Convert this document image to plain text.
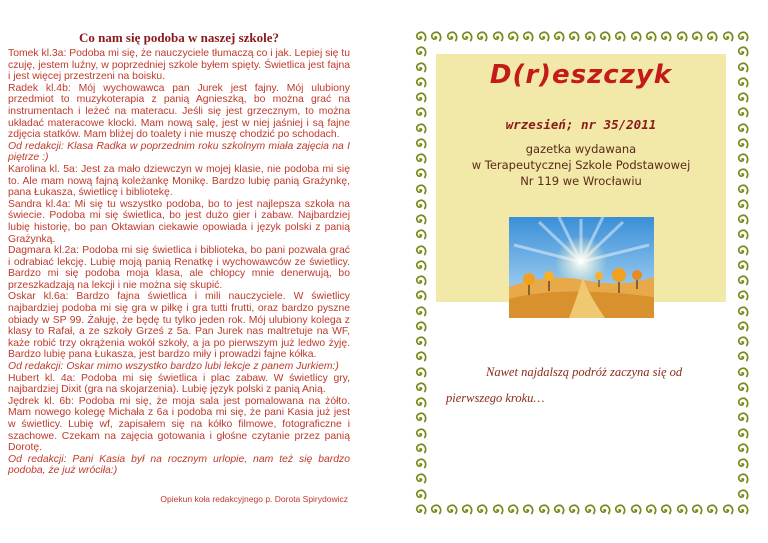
Co nam się podoba w naszej szkole?

Tomek kl.3a: Podoba mi się, że nauczyciele tłumaczą co i jak. Lepiej się tu czuję, jestem luźny, w poprzedniej szkole byłem spięty. Świetlica jest fajna i jest więcej przestrzeni na boisku.

Radek kl.4b: Mój wychowawca pan Jurek jest fajny. Mój ulubiony przedmiot to muzykoterapia z panią Agnieszką, bo można grać na instrumentach i leżeć na materacu. Jeśli się jest grzecznym, to można układać materacowe klocki. Mam nową salę, jest w niej jaśniej i są fajne zdjęcia statków. Mam bliżej do toalety i nie muszę chodzić po schodach.

Od redakcji: Klasa Radka w poprzednim roku szkolnym miała zajęcia na I piętrze :)

Karolina kl. 5a: Jest za mało dziewczyn w mojej klasie, nie podoba mi się to. Ale mam nową fajną koleżankę Monikę. Bardzo lubię panią Grażynkę, pana Łukasza, świetlicę i bibliotekę.

Sandra kl.4a: Mi się tu wszystko podoba, bo to jest najlepsza szkoła na świecie. Podoba mi się świetlica, bo jest dużo gier i zabaw. Najbardziej lubię historię, bo pan Oktawian ciekawie opowiada i język polski z panią Grażynką.

Dagmara kl.2a: Podoba mi się świetlica i biblioteka, bo pani pozwala grać i odrabiać lekcję. Lubię moją panią Renatkę i wychowawców ze świetlicy. Bardzo mi się podoba moja klasa, ale chłopcy mnie denerwują, bo przeszkadzają na lekcji i nie można się skupić.

Oskar kl.6a: Bardzo fajna świetlica i mili nauczyciele. W świetlicy najbardziej podoba mi się gra w piłkę i gra tutti frutti, oraz bardzo pyszne obiady w SP 99. Żałuję, że będę tu tylko jeden rok. Mój ulubiony kolega z klasy to Rafał, a ze szkoły Grześ z 5a. Pan Jurek nas maltretuje na WF, każe robić trzy okrążenia wokół szkoły, a ja po pierwszym już ledwo żyję. Bardzo lubię pana Łukasza, jest bardzo miły i prowadzi fajne kółka.

Od redakcji: Oskar mimo wszystko bardzo lubi lekcje z panem Jurkiem:)

Hubert kl. 4a: Podoba mi się świetlica i plac zabaw. W świetlicy gry, najbardziej Dixit (gra na skojarzenia). Lubię język polski z panią Anią.

Jędrek kl. 6b: Podoba mi się, że moja sala jest pomalowana na żółto. Mam nowego kolegę Michała z 6a i podoba mi się, że pani Kasia już jest w świetlicy. Lubię wf, zapisałem się na kółko filmowe, fotograficzne i szachowe. Czekam na zajęcia gotowania i głośne czytanie przez panią Dorotę.

Od redakcji: Pani Kasia był na rocznym urlopie, nam też się bardzo podoba, że już wróciła:)

Opiekun koła redakcyjnego p. Dorota Spirydowicz
D(r)eszczyk
wrzesień; nr 35/2011
gazetka wydawana
w Terapeutycznej Szkole Podstawowej
Nr 119 we Wrocławiu
Nawet najdalszą podróż zaczyna się od pierwszego kroku…
